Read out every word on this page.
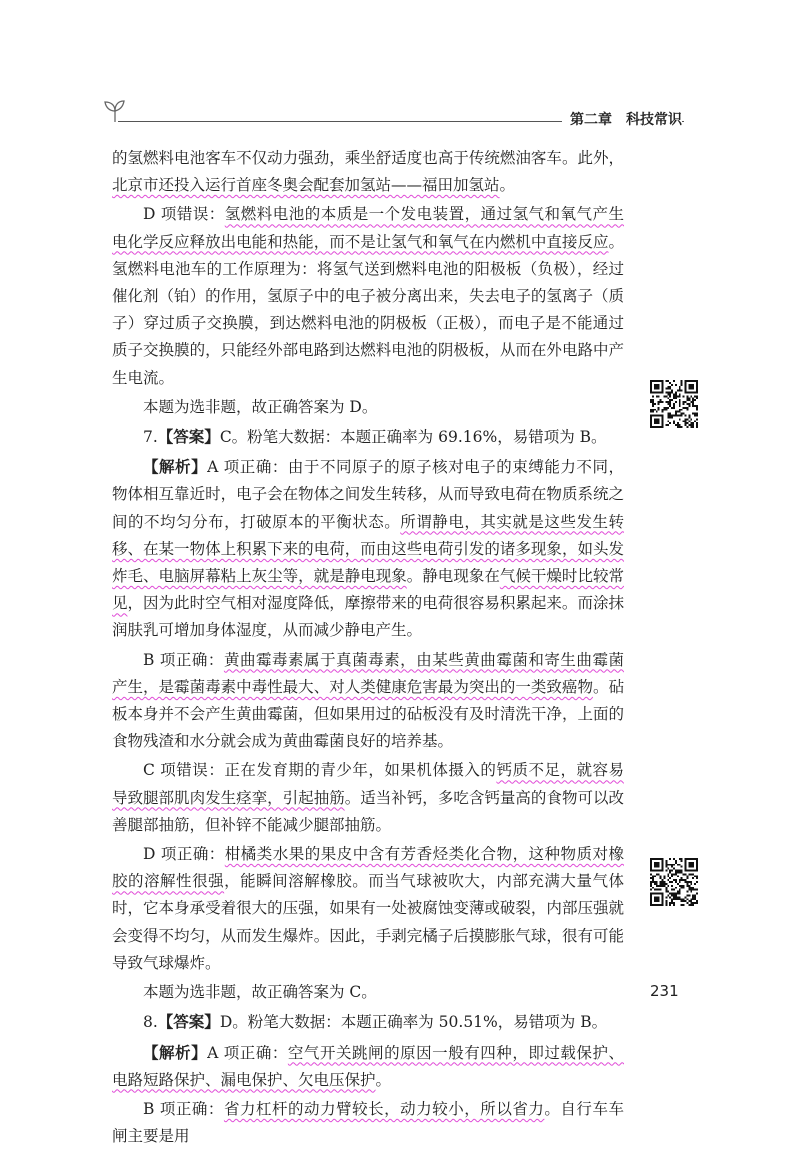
第二章　科技常识

的氢燃料电池客车不仅动力强劲，乘坐舒适度也高于传统燃油客车。此外，北京市还投入运行首座冬奥会配套加氢站——福田加氢站。

D 项错误：氢燃料电池的本质是一个发电装置，通过氢气和氧气产生电化学反应释放出电能和热能，而不是让氢气和氧气在内燃机中直接反应。氢燃料电池车的工作原理为：将氢气送到燃料电池的阳极板（负极），经过催化剂（铂）的作用，氢原子中的电子被分离出来，失去电子的氢离子（质子）穿过质子交换膜，到达燃料电池的阴极板（正极），而电子是不能通过质子交换膜的，只能经外部电路到达燃料电池的阴极板，从而在外电路中产生电流。

本题为选非题，故正确答案为 D。

7.【答案】C。粉笔大数据：本题正确率为 69.16%，易错项为 B。

【解析】A 项正确：由于不同原子的原子核对电子的束缚能力不同，物体相互靠近时，电子会在物体之间发生转移，从而导致电荷在物质系统之间的不均匀分布，打破原本的平衡状态。所谓静电，其实就是这些发生转移、在某一物体上积累下来的电荷，而由这些电荷引发的诸多现象，如头发炸毛、电脑屏幕粘上灰尘等，就是静电现象。静电现象在气候干燥时比较常见，因为此时空气相对湿度降低，摩擦带来的电荷很容易积累起来。而涂抹润肤乳可增加身体湿度，从而减少静电产生。

B 项正确：黄曲霉毒素属于真菌毒素，由某些黄曲霉菌和寄生曲霉菌产生，是霉菌毒素中毒性最大、对人类健康危害最为突出的一类致癌物。砧板本身并不会产生黄曲霉菌，但如果用过的砧板没有及时清洗干净，上面的食物残渣和水分就会成为黄曲霉菌良好的培养基。

C 项错误：正在发育期的青少年，如果机体摄入的钙质不足，就容易导致腿部肌肉发生痉挛，引起抽筋。适当补钙，多吃含钙量高的食物可以改善腿部抽筋，但补锌不能减少腿部抽筋。

D 项正确：柑橘类水果的果皮中含有芳香烃类化合物，这种物质对橡胶的溶解性很强，能瞬间溶解橡胶。而当气球被吹大，内部充满大量气体时，它本身承受着很大的压强，如果有一处被腐蚀变薄或破裂，内部压强就会变得不均匀，从而发生爆炸。因此，手剥完橘子后摸膨胀气球，很有可能导致气球爆炸。

本题为选非题，故正确答案为 C。

8.【答案】D。粉笔大数据：本题正确率为 50.51%，易错项为 B。

【解析】A 项正确：空气开关跳闸的原因一般有四种，即过载保护、电路短路保护、漏电保护、欠电压保护。

B 项正确：省力杠杆的动力臂较长，动力较小，所以省力。自行车车闸主要是用

231
